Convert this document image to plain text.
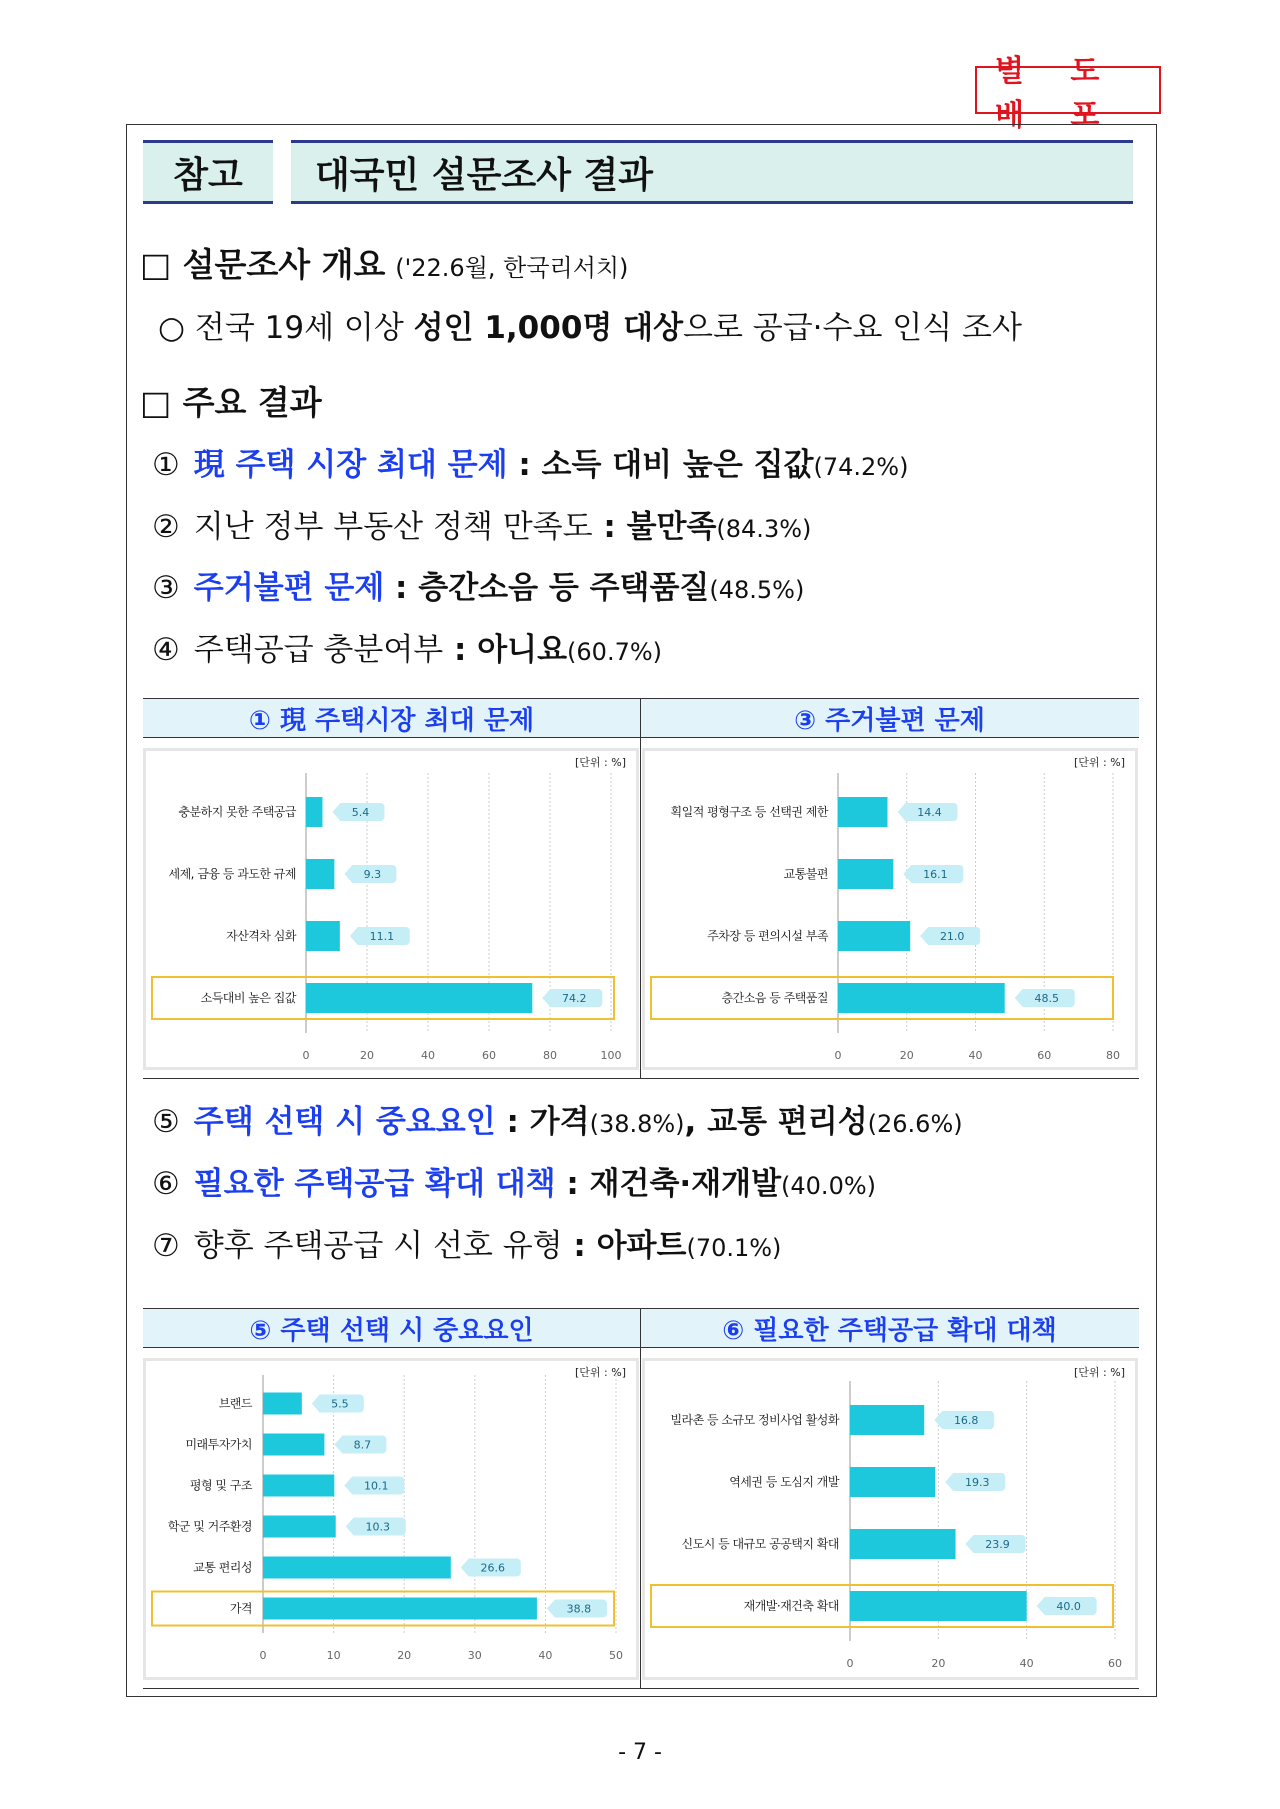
별 도 배 포
참고	대국민 설문조사 결과
□ 설문조사 개요 ('22.6월, 한국리서치)
○ 전국 19세 이상 성인 1,000명 대상으로 공급·수요 인식 조사
□ 주요 결과
① 現 주택 시장 최대 문제 : 소득 대비 높은 집값(74.2%)
② 지난 정부 부동산 정책 만족도 : 불만족(84.3%)
③ 주거불편 문제 : 층간소음 등 주택품질(48.5%)
④ 주택공급 충분여부 : 아니요(60.7%)
① 現 주택시장 최대 문제	③ 주거불편 문제
[단위 : %]
0	20	40	60	80	100
충분하지 못한 주택공급	5.4
세제, 금융 등 과도한 규제	9.3
자산격차 심화	11.1
소득대비 높은 집값	74.2
[단위 : %]
0	20	40	60	80
획일적 평형구조 등 선택권 제한	14.4
교통불편	16.1
주차장 등 편의시설 부족	21.0
층간소음 등 주택품질	48.5
⑤ 주택 선택 시 중요요인 : 가격(38.8%), 교통 편리성(26.6%)
⑥ 필요한 주택공급 확대 대책 : 재건축·재개발(40.0%)
⑦ 향후 주택공급 시 선호 유형 : 아파트(70.1%)
⑤ 주택 선택 시 중요요인	⑥ 필요한 주택공급 확대 대책
[단위 : %]
0	10	20	30	40	50
브랜드	5.5
미래투자가치	8.7
평형 및 구조	10.1
학군 및 거주환경	10.3
교통 편리성	26.6
가격	38.8
[단위 : %]
0	20	40	60
빌라촌 등 소규모 정비사업 활성화	16.8
역세권 등 도심지 개발	19.3
신도시 등 대규모 공공택지 확대	23.9
재개발·재건축 확대	40.0
- 7 -
